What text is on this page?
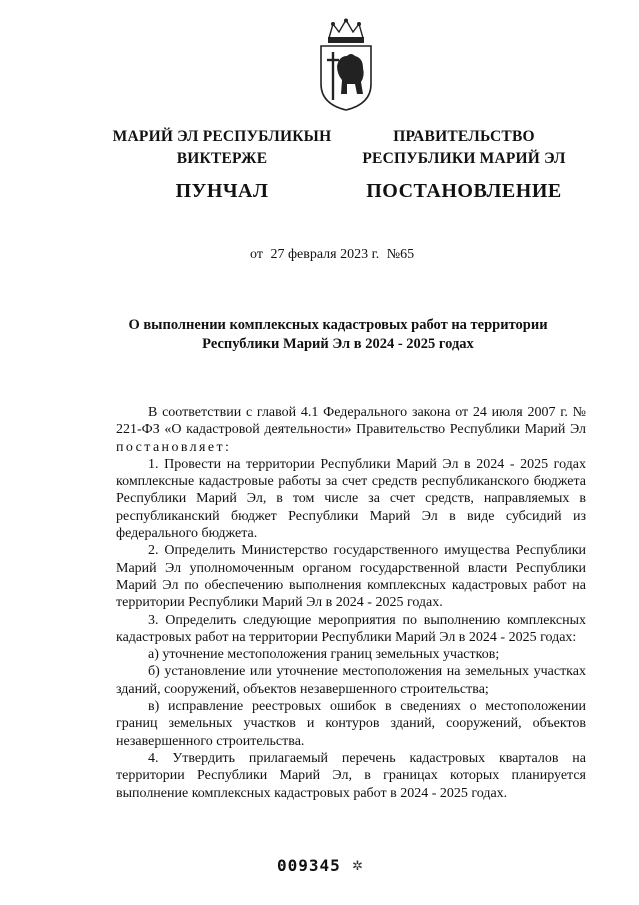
МАРИЙ ЭЛ РЕСПУБЛИКЫН
ВИКТЕРЖЕ
ПУНЧАЛ
ПРАВИТЕЛЬСТВО
РЕСПУБЛИКИ МАРИЙ ЭЛ
ПОСТАНОВЛЕНИЕ
от 27 февраля 2023 г. №65
О выполнении комплексных кадастровых работ на территории
Республики Марий Эл в 2024 - 2025 годах

В соответствии с главой 4.1 Федерального закона от 24 июля 2007 г. № 221-ФЗ «О кадастровой деятельности» Правительство Республики Марий Эл постановляет:

1. Провести на территории Республики Марий Эл в 2024 - 2025 годах комплексные кадастровые работы за счет средств республиканского бюджета Республики Марий Эл, в том числе за счет средств, направляемых в республиканский бюджет Республики Марий Эл в виде субсидий из федерального бюджета.

2. Определить Министерство государственного имущества Республики Марий Эл уполномоченным органом государственной власти Республики Марий Эл по обеспечению выполнения комплексных кадастровых работ на территории Республики Марий Эл в 2024 - 2025 годах.

3. Определить следующие мероприятия по выполнению комплексных кадастровых работ на территории Республики Марий Эл в 2024 - 2025 годах:

а) уточнение местоположения границ земельных участков;

б) установление или уточнение местоположения на земельных участках зданий, сооружений, объектов незавершенного строительства;

в) исправление реестровых ошибок в сведениях о местоположении границ земельных участков и контуров зданий, сооружений, объектов незавершенного строительства.

4. Утвердить прилагаемый перечень кадастровых кварталов на территории Республики Марий Эл, в границах которых планируется выполнение комплексных кадастровых работ в 2024 - 2025 годах.

009345 ✲
